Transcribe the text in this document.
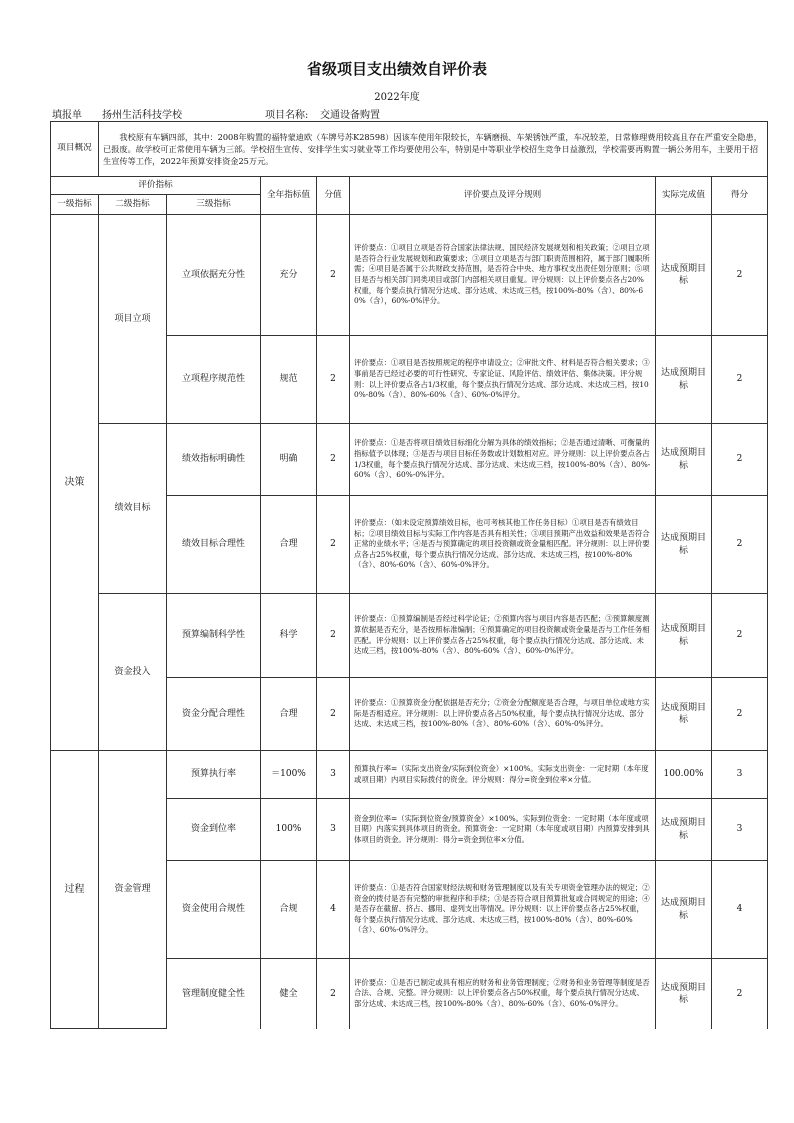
省级项目支出绩效自评价表
2022年度
填报单 扬州生活科技学校	项目名称: 交通设备购置
项目概况	我校原有车辆四部，其中：2008年购置的福特蒙迪欧（车牌号苏K28598）因该车使用年限较长，车辆磨损、车架锈蚀严重，车况较差，日常修理费用较高且存在严重安全隐患，已报废。故学校可正常使用车辆为三部。学校招生宣传、安排学生实习就业等工作均要使用公车，特别是中等职业学校招生竞争日益激烈，学校需要再购置一辆公务用车，主要用于招生宣传等工作，2022年预算安排资金25万元。						
评价指标			全年指标值	分值	评价要点及评分规则	实际完成值	得分
一级指标	二级指标	三级指标					
决策	项目立项	立项依据充分性	充分	2	评价要点：①项目立项是否符合国家法律法规、国民经济发展规划和相关政策；②项目立项是否符合行业发展规划和政策要求；③项目立项是否与部门职责范围相符，属于部门履职所需；④项目是否属于公共财政支持范围，是否符合中央、地方事权支出责任划分原则；⑤项目是否与相关部门同类项目或部门内部相关项目重复。评分规则：以上评价要点各占20%权重，每个要点执行情况分达成、部分达成、未达成三档，按100%-80%（含）、80%-60%（含），60%-0%评分。	达成预期目标	2
		立项程序规范性	规范	2	评价要点：①项目是否按照规定的程序申请设立；②审批文件、材料是否符合相关要求；③事前是否已经过必要的可行性研究、专家论证、风险评估、绩效评估、集体决策。评分规则：以上评价要点各占1/3权重，每个要点执行情况分达成、部分达成、未达成三档，按100%-80%（含）、80%-60%（含）、60%-0%评分。	达成预期目标	2
	绩效目标	绩效指标明确性	明确	2	评价要点：①是否将项目绩效目标细化分解为具体的绩效指标；②是否通过清晰、可衡量的指标值予以体现；③是否与项目目标任务数或计划数相对应。评分规则：以上评价要点各占1/3权重，每个要点执行情况分达成、部分达成、未达成三档，按100%-80%（含）、80%-60%（含）、60%-0%评分。	达成预期目标	2
		绩效目标合理性	合理	2	评价要点：（如未设定预算绩效目标，也可考核其他工作任务目标）①项目是否有绩效目标；②项目绩效目标与实际工作内容是否具有相关性；③项目预期产出效益和效果是否符合正常的业绩水平；④是否与预算确定的项目投资额或资金量相匹配。评分规则：以上评价要点各占25%权重，每个要点执行情况分达成、部分达成、未达成三档，按100%-80%（含）、80%-60%（含）、60%-0%评分。	达成预期目标	2
	资金投入	预算编制科学性	科学	2	评价要点：①预算编制是否经过科学论证；②预算内容与项目内容是否匹配；③预算额度测算依据是否充分，是否按照标准编制；④预算确定的项目投资额或资金量是否与工作任务相匹配。评分规则：以上评价要点各占25%权重，每个要点执行情况分达成、部分达成、未达成三档，按100%-80%（含）、80%-60%（含）、60%-0%评分。	达成预期目标	2
		资金分配合理性	合理	2	评价要点：①预算资金分配依据是否充分；②资金分配额度是否合理，与项目单位或地方实际是否相适应。评分规则：以上评价要点各占50%权重，每个要点执行情况分达成、部分达成、未达成三档，按100%-80%（含）、80%-60%（含）、60%-0%评分。	达成预期目标	2
过程	资金管理	预算执行率	＝100%	3	预算执行率=（实际支出资金/实际到位资金）×100%。实际支出资金：一定时期（本年度或项目期）内项目实际拨付的资金。评分规则：得分=资金到位率×分值。	100.00%	3
		资金到位率	100%	3	资金到位率=（实际到位资金/预算资金）×100%。实际到位资金：一定时期（本年度或项目期）内落实到具体项目的资金。预算资金：一定时期（本年度或项目期）内预算安排到具体项目的资金。评分规则：得分=资金到位率×分值。	达成预期目标	3
		资金使用合规性	合规	4	评价要点：①是否符合国家财经法规和财务管理制度以及有关专项资金管理办法的规定；②资金的拨付是否有完整的审批程序和手续；③是否符合项目预算批复或合同规定的用途；④是否存在截留、挤占、挪用、虚列支出等情况。评分规则：以上评价要点各占25%权重，每个要点执行情况分达成、部分达成、未达成三档，按100%-80%（含）、80%-60%（含）、60%-0%评分。	达成预期目标	4
		管理制度健全性	健全	2	评价要点：①是否已制定或具有相应的财务和业务管理制度；②财务和业务管理等制度是否合法、合规、完整。评分规则：以上评价要点各占50%权重，每个要点执行情况分达成、部分达成、未达成三档，按100%-80%（含）、80%-60%（含）、60%-0%评分。	达成预期目标	2
